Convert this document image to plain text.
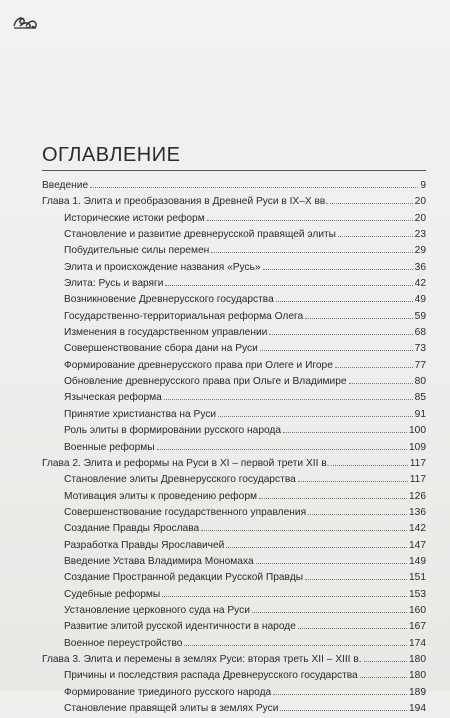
ОГЛАВЛЕНИЕ
Введение	9
Глава 1. Элита и преобразования в Древней Руси в IX–X вв.	20
Исторические истоки реформ	20
Становление и развитие древнерусской правящей элиты	23
Побудительные силы перемен	29
Элита и происхождение названия «Русь»	36
Элита: Русь и варяги	42
Возникновение Древнерусского государства	49
Государственно-территориальная реформа Олега	59
Изменения в государственном управлении	68
Совершенствование сбора дани на Руси	73
Формирование древнерусского права при Олеге и Игоре	77
Обновление древнерусского права при Ольге и Владимире	80
Языческая реформа	85
Принятие христианства на Руси	91
Роль элиты в формировании русского народа	100
Военные реформы	109
Глава 2. Элита и реформы на Руси в XI – первой трети XII в.	117
Становление элиты Древнерусского государства	117
Мотивация элиты к проведению реформ	126
Совершенствование государственного управления	136
Создание Правды Ярослава	142
Разработка Правды Ярославичей	147
Введение Устава Владимира Мономаха	149
Создание Пространной редакции Русской Правды	151
Судебные реформы	153
Установление церковного суда на Руси	160
Развитие элитой русской идентичности в народе	167
Военное переустройство	174
Глава 3. Элита и перемены в землях Руси: вторая треть XII – XIII в.	180
Причины и последствия распада Древнерусского государства	180
Формирование триединого русского народа	189
Становление правящей элиты в землях Руси	194
